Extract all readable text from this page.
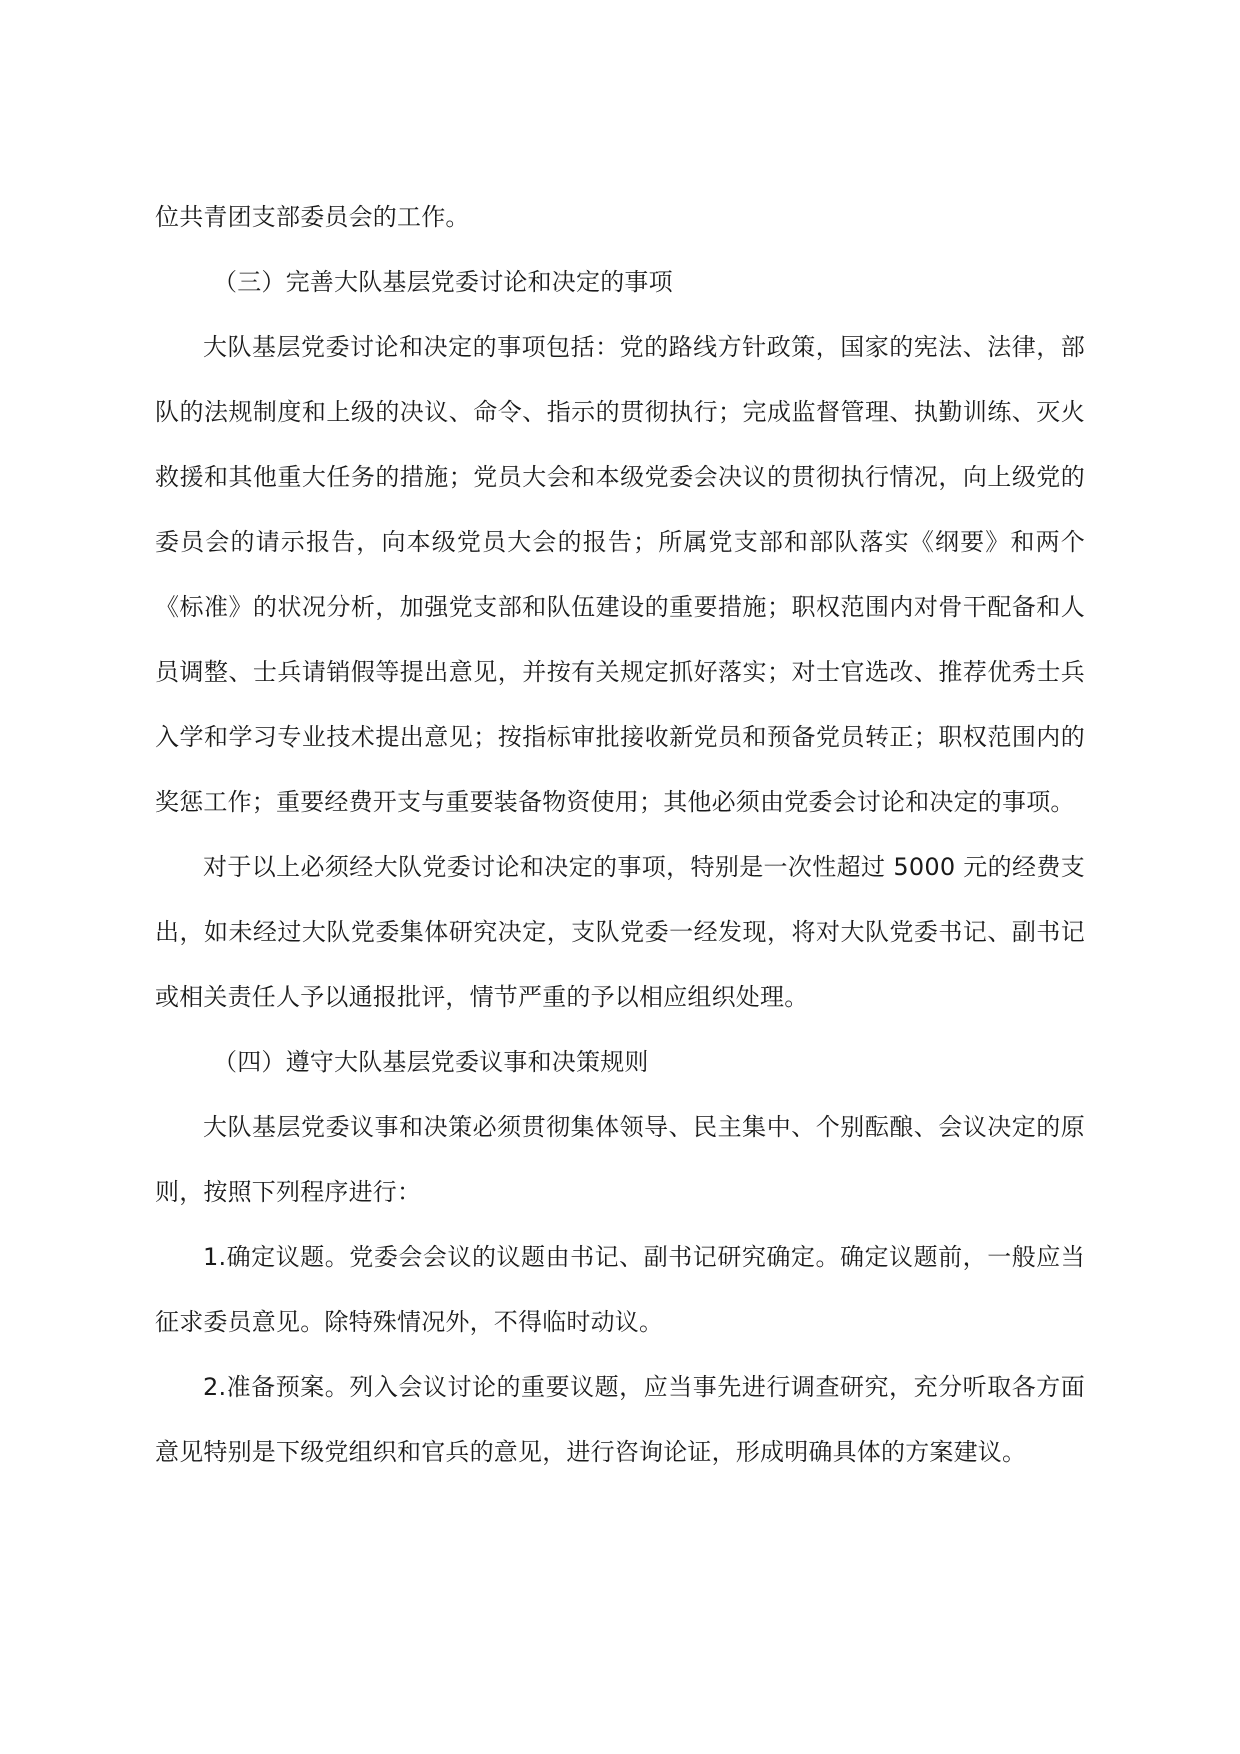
位共青团支部委员会的工作。

（三）完善大队基层党委讨论和决定的事项

大队基层党委讨论和决定的事项包括：党的路线方针政策，国家的宪法、法律，部队的法规制度和上级的决议、命令、指示的贯彻执行；完成监督管理、执勤训练、灭火救援和其他重大任务的措施；党员大会和本级党委会决议的贯彻执行情况，向上级党的委员会的请示报告，向本级党员大会的报告；所属党支部和部队落实《纲要》和两个《标准》的状况分析，加强党支部和队伍建设的重要措施；职权范围内对骨干配备和人员调整、士兵请销假等提出意见，并按有关规定抓好落实；对士官选改、推荐优秀士兵入学和学习专业技术提出意见；按指标审批接收新党员和预备党员转正；职权范围内的奖惩工作；重要经费开支与重要装备物资使用；其他必须由党委会讨论和决定的事项。

对于以上必须经大队党委讨论和决定的事项，特别是一次性超过 5000 元的经费支出，如未经过大队党委集体研究决定，支队党委一经发现，将对大队党委书记、副书记或相关责任人予以通报批评，情节严重的予以相应组织处理。

（四）遵守大队基层党委议事和决策规则

大队基层党委议事和决策必须贯彻集体领导、民主集中、个别酝酿、会议决定的原则，按照下列程序进行：

1.确定议题。党委会会议的议题由书记、副书记研究确定。确定议题前，一般应当征求委员意见。除特殊情况外，不得临时动议。

2.准备预案。列入会议讨论的重要议题，应当事先进行调查研究，充分听取各方面意见特别是下级党组织和官兵的意见，进行咨询论证，形成明确具体的方案建议。
